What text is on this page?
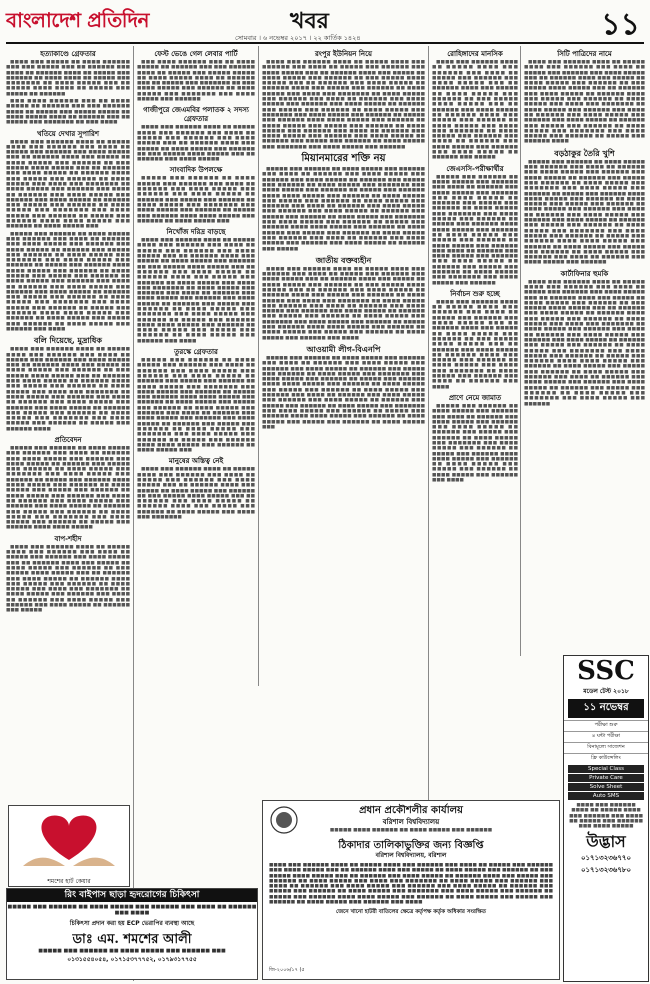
বাংলাদেশ প্রতিদিন	খবর	১১
সোমবার । ৬ নভেম্বর ২০১৭ । ২২ কার্তিক ১৪২৪
হত্যাকাণ্ডে গ্রেফতার

■■■■ ■■■ ■■■■■ ■■ ■■■■ ■■■■■■ ■■■ ■■■ ■■■■■ ■■■ ■■ ■■■■■■ ■■■ ■■■■ ■■ ■■■■■■ ■■■■ ■■ ■■■■■ ■■■ ■■■■■■ ■■ ■■■■ ■■■■ ■■ ■■■■■ ■■■ ■■■■■■■ ■■ ■■■■ ■■■■■ ■■■ ■■ ■■■■■ ■■■■ ■■■■ ■■ ■■■■■ ■■■ ■■■■■ ■■ ■■■■■■

■■■ ■■■■ ■■■■■■ ■■■ ■■ ■■■■ ■■■■■ ■■ ■■■■■■ ■■■ ■■■ ■■■■■■ ■■■■ ■■ ■■■■■ ■■■ ■■■■■ ■■■■■ ■■ ■■■■ ■■■■■ ■■■■ ■■ ■■■■■■ ■■■ ■■ ■■■■■ ■■■ ■■■■■■■ ■■ ■■■ ■■■■

খতিয়ে দেখার সুপারিশ

■■■■ ■■■ ■■■■■■ ■■■■ ■■ ■■■■■ ■■■■ ■■■ ■■■■■■ ■■■ ■■■■ ■■ ■■■■■ ■■■ ■■■■■■ ■■■ ■■■■ ■■■■■ ■■■ ■■ ■■■■■■ ■■■■ ■■■ ■■■■■ ■■ ■■■■ ■■■■■ ■■■ ■■■■■■ ■■ ■■■ ■■■■■ ■■■■ ■■■■■ ■■■ ■■ ■■■■■■ ■■■ ■■■■ ■■■■■ ■■ ■■■■■■ ■■■■ ■■■ ■■■■■ ■■■ ■■■■■■ ■■ ■■■■ ■■■■■ ■■■ ■■■■ ■■■ ■■■■■■■ ■■ ■■■■ ■■■■■ ■■■ ■■■■■■ ■■■ ■■■■ ■■ ■■■■■■ ■■■ ■■■■ ■■■■■ ■■■ ■■■■■■ ■■■ ■■■■ ■■■■■ ■■ ■■■■■■ ■■■ ■■■■■ ■■■ ■■■■■■ ■■ ■■■■ ■■■■■ ■■■ ■■■■■■■ ■■■ ■■■■ ■■■■■ ■■■ ■■■■■■ ■■ ■■■■■ ■■■ ■■■■■■ ■■■■ ■■■■ ■■■■■ ■■■ ■■■■■■ ■■ ■■■■ ■■■■■ ■■■

■■■■■ ■■■ ■■■■■■ ■■ ■■■■ ■■■■■ ■■■ ■■■■■■ ■■■ ■■■■ ■■ ■■■■■■ ■■■ ■■■■ ■■■■■ ■■■ ■■■■■■ ■■■ ■■■■ ■■■■■ ■■ ■■■■■■ ■■■ ■■■■■ ■■■ ■■■■■■ ■■ ■■■■ ■■■■■ ■■■ ■■■■■■■ ■■■ ■■■■ ■■■■■ ■■■ ■■■■■■ ■■ ■■■■■ ■■■ ■■■■■■ ■■■■ ■■■■ ■■■■■ ■■■ ■■■■■■ ■■ ■■■■ ■■■■■ ■■■ ■■■■■ ■■■ ■■■■■■ ■■ ■■■■ ■■■■■ ■■■ ■■■■■■ ■■■ ■■■■ ■■ ■■■■■■ ■■■ ■■■■ ■■■■■ ■■■ ■■■■■■ ■■■ ■■■■ ■■■■■ ■■ ■■■■■■ ■■■ ■■■■■ ■■■ ■■■■■■ ■■ ■■■■ ■■■■■ ■■■ ■■■■■■■ ■■■ ■■■■ ■■■■■ ■■■ ■■■■■■ ■■ ■■■■■ ■■■ ■■■■■■ ■■■■ ■■■■ ■■■■■ ■■■ ■■■■■■ ■■ ■■■■ ■■■■■ ■■■ ■■■■■ ■■■ ■■■■■■ ■■ ■■■■ ■■■■■ ■■■ ■■■■■■ ■■■ ■■■■

বলি দিয়েছে, মুদ্রাধিক

■■■■ ■■■ ■■■■■■ ■■■■ ■■ ■■■■■ ■■■■ ■■■ ■■■■■■ ■■■ ■■■■ ■■ ■■■■■ ■■■ ■■■■■■ ■■■ ■■■■ ■■■■■ ■■■ ■■ ■■■■■■ ■■■■ ■■■ ■■■■■ ■■ ■■■■ ■■■■■ ■■■ ■■■■■■ ■■ ■■■ ■■■■■ ■■■■ ■■■■■ ■■■ ■■ ■■■■■■ ■■■ ■■■■ ■■■■■ ■■ ■■■■■■ ■■■■ ■■■ ■■■■■ ■■■ ■■■■■■ ■■ ■■■■ ■■■■■ ■■■ ■■■■ ■■■ ■■■■■■■ ■■ ■■■■ ■■■■■ ■■■ ■■■■■■ ■■■ ■■■■ ■■ ■■■■■■ ■■■ ■■■■ ■■■■■ ■■■ ■■■■■■ ■■■ ■■■■ ■■■■■ ■■ ■■■■■■ ■■■ ■■■■■ ■■■ ■■■■■■ ■■ ■■■■ ■■■■■ ■■■ ■■■■■■■ ■■■ ■■■■ ■■■■■ ■■■ ■■■■■■ ■■ ■■■■■ ■■■ ■■■■■■ ■■■■

প্রতিবেদন

■■■■■ ■■■ ■■■■■■ ■■ ■■■■ ■■■■■ ■■■ ■■■■■■ ■■■ ■■■■ ■■ ■■■■■■ ■■■ ■■■■ ■■■■■ ■■■ ■■■■■■ ■■■ ■■■■ ■■■■■ ■■ ■■■■■■ ■■■ ■■■■■ ■■■ ■■■■■■ ■■ ■■■■ ■■■■■ ■■■ ■■■■■■■ ■■■ ■■■■ ■■■■■ ■■■ ■■■■■■ ■■ ■■■■■ ■■■ ■■■■■■ ■■■■ ■■■■ ■■■■■ ■■■ ■■■■■■ ■■ ■■■■ ■■■■■ ■■■ ■■■■■ ■■■ ■■■■■■ ■■ ■■■■ ■■■■■ ■■■ ■■■■■■ ■■■ ■■■■ ■■ ■■■■■■ ■■■ ■■■■ ■■■■■ ■■■ ■■■■■■ ■■■ ■■■■ ■■■■■ ■■ ■■■■■■ ■■■ ■■■■■ ■■■ ■■■■■■ ■■ ■■■■ ■■■■■ ■■■ ■■■■■■■ ■■■ ■■■■ ■■■■■ ■■■ ■■■■■■ ■■ ■■■■■ ■■■ ■■■■■■ ■■■■ ■■■■ ■■■■■

বাপ-শহীদ

■■■■ ■■■ ■■■■■■ ■■■■ ■■ ■■■■■ ■■■■ ■■■ ■■■■■■ ■■■ ■■■■ ■■ ■■■■■ ■■■ ■■■■■■ ■■■ ■■■■ ■■■■■ ■■■ ■■ ■■■■■■ ■■■■ ■■■ ■■■■■ ■■ ■■■■ ■■■■■ ■■■ ■■■■■■ ■■ ■■■ ■■■■■ ■■■■ ■■■■■ ■■■ ■■ ■■■■■■ ■■■ ■■■■ ■■■■■ ■■ ■■■■■■ ■■■■ ■■■ ■■■■■ ■■■ ■■■■■■ ■■ ■■■■ ■■■■■ ■■■ ■■■■ ■■■ ■■■■■■■ ■■ ■■■■ ■■■■■ ■■■ ■■■■■■ ■■■ ■■■■ ■■ ■■■■■■ ■■■ ■■■■ ■■■■■ ■■■ ■■■■■■ ■■■ ■■■■ ■■■■■ ■■ ■■■■■■ ■■■ ■■■■■

শমশের হার্ট কেয়ার
রিং বাইপাস ছাড়া হৃদরোগের চিকিৎসা
■■■■■ ■■■ ■■■■■■ ■■ ■■■■ ■■■■■ ■■■ ■■■■■■ ■■■ ■■■■ ■■ ■■■■■■ ■■■ ■■■■
চিকিৎসা প্রদান করা হয় ECP ভেরাপির ব্যবস্থা আছে
ডাঃ এম. শমশের আলী
■■■■■ ■■■ ■■■■■■ ■■ ■■■■ ■■■■■ ■■■ ■■■■■■ ■■■
০১৩১৫৫৪০৫৪, ০১৭১৫৩৭৭৭৫২, ০১৭৯৩১৭৭৫৫
ফেস্ট ভেঙে গেল লেবার পার্টি

■■■ ■■■■ ■■■■■■ ■■■ ■■ ■■■■ ■■■■■ ■■ ■■■■■■ ■■■ ■■■ ■■■■■■ ■■■■ ■■ ■■■■■ ■■■ ■■■■■ ■■■■■ ■■ ■■■■ ■■■■■ ■■■■ ■■ ■■■■■■ ■■■ ■■ ■■■■■ ■■■ ■■■■■■■ ■■ ■■■ ■■■■ ■■■■■ ■■■ ■■■■■■ ■■ ■■■■ ■■■■■ ■■■ ■■■■■■■ ■■■ ■■■■ ■■■■■ ■■■ ■■■■■■

গাজীপুরে জেএমবির পলাতক ২ সদস্য গ্রেফতার

■■■■ ■■■ ■■■■■■ ■■■■ ■■ ■■■■■ ■■■■ ■■■ ■■■■■■ ■■■ ■■■■ ■■ ■■■■■ ■■■ ■■■■■■ ■■■ ■■■■ ■■■■■ ■■■ ■■ ■■■■■■ ■■■■ ■■■ ■■■■■ ■■ ■■■■ ■■■■■ ■■■ ■■■■■■ ■■ ■■■ ■■■■■ ■■■■ ■■■■■ ■■■ ■■ ■■■■■■ ■■■ ■■■■ ■■■■■

সাংবাদিক উপলক্ষে

■■■■■ ■■■ ■■■■■■ ■■ ■■■■ ■■■■■ ■■■ ■■■■■■ ■■■ ■■■■ ■■ ■■■■■■ ■■■ ■■■■ ■■■■■ ■■■ ■■■■■■ ■■■ ■■■■ ■■■■■ ■■ ■■■■■■ ■■■ ■■■■■ ■■■ ■■■■■■ ■■ ■■■■ ■■■■■ ■■■ ■■■■■■■ ■■■ ■■■■ ■■■■■ ■■■ ■■■■■■ ■■ ■■■■■ ■■■ ■■■■■■ ■■■■ ■■■■ ■■■■■ ■■■ ■■■■■■ ■■ ■■■■ ■■■■■ ■■■

নিখোঁজ দরিদ্র বাড়ছে

■■■■ ■■■ ■■■■■■ ■■■■ ■■ ■■■■■ ■■■■ ■■■ ■■■■■■ ■■■ ■■■■ ■■ ■■■■■ ■■■ ■■■■■■ ■■■ ■■■■ ■■■■■ ■■■ ■■ ■■■■■■ ■■■■ ■■■ ■■■■■ ■■ ■■■■ ■■■■■ ■■■ ■■■■■■ ■■ ■■■ ■■■■■ ■■■■ ■■■■■ ■■■ ■■ ■■■■■■ ■■■ ■■■■ ■■■■■ ■■ ■■■■■■ ■■■■ ■■■ ■■■■■ ■■■ ■■■■■■ ■■ ■■■■ ■■■■■ ■■■ ■■■■ ■■■ ■■■■■■■ ■■ ■■■■ ■■■■■ ■■■ ■■■■■■ ■■■ ■■■■ ■■ ■■■■■■ ■■■ ■■■■ ■■■■■ ■■■ ■■■■■■ ■■■ ■■■■ ■■■■■ ■■ ■■■■■■ ■■■ ■■■■■ ■■■ ■■■■■■ ■■ ■■■■ ■■■■■ ■■■ ■■■■■■■ ■■■ ■■■■ ■■■■■ ■■■ ■■■■■■ ■■ ■■■■■ ■■■ ■■■■■■ ■■■■ ■■■■ ■■■■■ ■■■ ■■■■■■ ■■ ■■■■ ■■■■■ ■■■ ■■■■■ ■■■ ■■■■■■ ■■ ■■■■ ■■■■■ ■■■ ■■■■■■ ■■■ ■■■■

তুরস্কে গ্রেফতার

■■■■■ ■■■ ■■■■■■ ■■ ■■■■ ■■■■■ ■■■ ■■■■■■ ■■■ ■■■■ ■■ ■■■■■■ ■■■ ■■■■ ■■■■■ ■■■ ■■■■■■ ■■■ ■■■■ ■■■■■ ■■ ■■■■■■ ■■■ ■■■■■ ■■■ ■■■■■■ ■■ ■■■■ ■■■■■ ■■■ ■■■■■■■ ■■■ ■■■■ ■■■■■ ■■■ ■■■■■■ ■■ ■■■■■ ■■■ ■■■■■■ ■■■■ ■■■■ ■■■■■ ■■■ ■■■■■■ ■■ ■■■■ ■■■■■ ■■■ ■■■■■ ■■■ ■■■■■■ ■■ ■■■■ ■■■■■ ■■■ ■■■■■■ ■■■ ■■■■ ■■ ■■■■■■ ■■■ ■■■■ ■■■■■ ■■■ ■■■■■■ ■■■ ■■■■ ■■■■■ ■■ ■■■■■■ ■■■ ■■■■■ ■■■ ■■■■■■ ■■ ■■■■ ■■■■■ ■■■ ■■■■■■■ ■■■ ■■■■ ■■■■■ ■■■ ■■■■■■ ■■ ■■■■■ ■■■ ■■■■■■ ■■■■ ■■■■ ■■■■■ ■■■ ■■■■■■ ■■ ■■■■ ■■■■■ ■■■

মানুষের অস্তিত্ব নেই

■■■■ ■■■ ■■■■■■ ■■■■ ■■ ■■■■■ ■■■■ ■■■ ■■■■■■ ■■■ ■■■■ ■■ ■■■■■ ■■■ ■■■■■■ ■■■ ■■■■ ■■■■■ ■■■ ■■ ■■■■■■ ■■■■ ■■■ ■■■■■ ■■ ■■■■ ■■■■■ ■■■ ■■■■■■ ■■ ■■■ ■■■■■ ■■■■ ■■■■■ ■■■ ■■ ■■■■■■ ■■■ ■■■■ ■■■■■ ■■ ■■■■■■ ■■■■ ■■■ ■■■■■ ■■■ ■■■■■■ ■■ ■■■■ ■■■■■ ■■■ ■■■■ ■■■ ■■■■■■■

রংপুর ইউনিয়ন নিয়ে

■■■■ ■■■ ■■■■■■ ■■■■ ■■ ■■■■■ ■■■■ ■■■ ■■■■■■ ■■■ ■■■■ ■■ ■■■■■ ■■■ ■■■■■■ ■■■ ■■■■ ■■■■■ ■■■ ■■ ■■■■■■ ■■■■ ■■■ ■■■■■ ■■ ■■■■ ■■■■■ ■■■ ■■■■■■ ■■ ■■■ ■■■■■ ■■■■ ■■■■■ ■■■ ■■ ■■■■■■ ■■■ ■■■■ ■■■■■ ■■ ■■■■■■ ■■■■ ■■■ ■■■■■ ■■■ ■■■■■■ ■■ ■■■■ ■■■■■ ■■■ ■■■■ ■■■ ■■■■■■■ ■■ ■■■■ ■■■■■ ■■■ ■■■■■■ ■■■ ■■■■ ■■ ■■■■■■ ■■■ ■■■■ ■■■■■ ■■■ ■■■■■■ ■■■ ■■■■ ■■■■■ ■■ ■■■■■■ ■■■ ■■■■■ ■■■ ■■■■■■ ■■ ■■■■ ■■■■■ ■■■ ■■■■■■■ ■■■ ■■■■ ■■■■■ ■■■ ■■■■■■ ■■ ■■■■■ ■■■ ■■■■■■ ■■■■ ■■■■ ■■■■■ ■■■ ■■■■■■ ■■ ■■■■ ■■■■■ ■■■ ■■■■■ ■■■ ■■■■■■ ■■ ■■■■ ■■■■■ ■■■ ■■■■■■ ■■■ ■■■■ ■■ ■■■■■■ ■■■ ■■■■ ■■■■■ ■■■ ■■■■■■ ■■■ ■■■■ ■■■■■ ■■ ■■■■■■ ■■■ ■■■■■ ■■■ ■■■■■■ ■■ ■■■■ ■■■■■ ■■■ ■■■■■■■ ■■■ ■■■■ ■■■■■ ■■■ ■■■■■■

মিয়ানমারের শক্তি নয়

■■■■■ ■■■ ■■■■■■ ■■ ■■■■ ■■■■■ ■■■ ■■■■■■ ■■■ ■■■■ ■■ ■■■■■■ ■■■ ■■■■ ■■■■■ ■■■ ■■■■■■ ■■■ ■■■■ ■■■■■ ■■ ■■■■■■ ■■■ ■■■■■ ■■■ ■■■■■■ ■■ ■■■■ ■■■■■ ■■■ ■■■■■■■ ■■■ ■■■■ ■■■■■ ■■■ ■■■■■■ ■■ ■■■■■ ■■■ ■■■■■■ ■■■■ ■■■■ ■■■■■ ■■■ ■■■■■■ ■■ ■■■■ ■■■■■ ■■■ ■■■■■ ■■■ ■■■■■■ ■■ ■■■■ ■■■■■ ■■■ ■■■■■■ ■■■ ■■■■ ■■ ■■■■■■ ■■■ ■■■■ ■■■■■ ■■■ ■■■■■■ ■■■ ■■■■ ■■■■■ ■■ ■■■■■■ ■■■ ■■■■■ ■■■ ■■■■■■ ■■ ■■■■ ■■■■■ ■■■ ■■■■■■■ ■■■ ■■■■ ■■■■■ ■■■ ■■■■■■ ■■ ■■■■■ ■■■ ■■■■■■ ■■■■ ■■■■ ■■■■■ ■■■ ■■■■■■ ■■ ■■■■ ■■■■■ ■■■ ■■■■■ ■■■ ■■■■■■ ■■ ■■■■ ■■■■■ ■■■ ■■■■■■ ■■■ ■■■■ ■■ ■■■■■■ ■■■ ■■■■ ■■■■■ ■■■ ■■■■■■ ■■■ ■■■■ ■■■■■ ■■ ■■■■■■ ■■■ ■■■■■

জাতীয় বক্তব্যহীন

■■■■ ■■■ ■■■■■■ ■■■■ ■■ ■■■■■ ■■■■ ■■■ ■■■■■■ ■■■ ■■■■ ■■ ■■■■■ ■■■ ■■■■■■ ■■■ ■■■■ ■■■■■ ■■■ ■■ ■■■■■■ ■■■■ ■■■ ■■■■■ ■■ ■■■■ ■■■■■ ■■■ ■■■■■■ ■■ ■■■ ■■■■■ ■■■■ ■■■■■ ■■■ ■■ ■■■■■■ ■■■ ■■■■ ■■■■■ ■■ ■■■■■■ ■■■■ ■■■ ■■■■■ ■■■ ■■■■■■ ■■ ■■■■ ■■■■■ ■■■ ■■■■ ■■■ ■■■■■■■ ■■ ■■■■ ■■■■■ ■■■ ■■■■■■ ■■■ ■■■■ ■■ ■■■■■■ ■■■ ■■■■ ■■■■■ ■■■ ■■■■■■ ■■■ ■■■■ ■■■■■ ■■ ■■■■■■ ■■■ ■■■■■ ■■■ ■■■■■■ ■■ ■■■■ ■■■■■ ■■■ ■■■■■■■ ■■■ ■■■■ ■■■■■ ■■■ ■■■■■■ ■■ ■■■■■ ■■■ ■■■■■■ ■■■■ ■■■■ ■■■■■ ■■■ ■■■■■■ ■■ ■■■■ ■■■■■ ■■■ ■■■■■ ■■■ ■■■■■■ ■■ ■■■■ ■■■■■ ■■■ ■■■■■■ ■■■ ■■■■

আওয়ামী লীগ-বিএনপি

■■■■■ ■■■ ■■■■■■ ■■ ■■■■ ■■■■■ ■■■ ■■■■■■ ■■■ ■■■■ ■■ ■■■■■■ ■■■ ■■■■ ■■■■■ ■■■ ■■■■■■ ■■■ ■■■■ ■■■■■ ■■ ■■■■■■ ■■■ ■■■■■ ■■■ ■■■■■■ ■■ ■■■■ ■■■■■ ■■■ ■■■■■■■ ■■■ ■■■■ ■■■■■ ■■■ ■■■■■■ ■■ ■■■■■ ■■■ ■■■■■■ ■■■■ ■■■■ ■■■■■ ■■■ ■■■■■■ ■■ ■■■■ ■■■■■ ■■■ ■■■■■ ■■■ ■■■■■■ ■■ ■■■■ ■■■■■ ■■■ ■■■■■■ ■■■ ■■■■ ■■ ■■■■■■ ■■■ ■■■■ ■■■■■ ■■■ ■■■■■■ ■■■ ■■■■ ■■■■■ ■■ ■■■■■■ ■■■ ■■■■■ ■■■ ■■■■■■ ■■ ■■■■ ■■■■■ ■■■ ■■■■■■■ ■■■ ■■■■ ■■■■■ ■■■ ■■■■■■ ■■ ■■■■■ ■■■ ■■■■■■ ■■■■ ■■■■ ■■■■■ ■■■ ■■■■■■ ■■ ■■■■ ■■■■■ ■■■ ■■■■■ ■■■ ■■■■■■ ■■ ■■■■ ■■■■■ ■■■

রোহিঙ্গাদের মানসিক

■■■■ ■■■ ■■■■■■ ■■■■ ■■ ■■■■■ ■■■■ ■■■ ■■■■■■ ■■■ ■■■■ ■■ ■■■■■ ■■■ ■■■■■■ ■■■ ■■■■ ■■■■■ ■■■ ■■ ■■■■■■ ■■■■ ■■■ ■■■■■ ■■ ■■■■ ■■■■■ ■■■ ■■■■■■ ■■ ■■■ ■■■■■ ■■■■ ■■■■■ ■■■ ■■ ■■■■■■ ■■■ ■■■■ ■■■■■ ■■ ■■■■■■ ■■■■ ■■■ ■■■■■ ■■■ ■■■■■■ ■■ ■■■■ ■■■■■ ■■■ ■■■■ ■■■ ■■■■■■■ ■■ ■■■■ ■■■■■ ■■■ ■■■■■■ ■■■ ■■■■ ■■ ■■■■■■ ■■■ ■■■■ ■■■■■ ■■■ ■■■■■■ ■■■ ■■■■ ■■■■■ ■■ ■■■■■■ ■■■ ■■■■■

জেএসসি-পরীক্ষার্থীর

■■■■■ ■■■ ■■■■■■ ■■ ■■■■ ■■■■■ ■■■ ■■■■■■ ■■■ ■■■■ ■■ ■■■■■■ ■■■ ■■■■ ■■■■■ ■■■ ■■■■■■ ■■■ ■■■■ ■■■■■ ■■ ■■■■■■ ■■■ ■■■■■ ■■■ ■■■■■■ ■■ ■■■■ ■■■■■ ■■■ ■■■■■■■ ■■■ ■■■■ ■■■■■ ■■■ ■■■■■■ ■■ ■■■■■ ■■■ ■■■■■■ ■■■■ ■■■■ ■■■■■ ■■■ ■■■■■■ ■■ ■■■■ ■■■■■ ■■■ ■■■■■ ■■■ ■■■■■■ ■■ ■■■■ ■■■■■ ■■■ ■■■■■■ ■■■ ■■■■ ■■ ■■■■■■ ■■■ ■■■■ ■■■■■ ■■■ ■■■■■■ ■■■ ■■■■ ■■■■■ ■■ ■■■■■■ ■■■ ■■■■■ ■■■ ■■■■■■ ■■ ■■■■ ■■■■■ ■■■ ■■■■■■■ ■■■ ■■■■ ■■■■■ ■■■ ■■■■■■

নির্বাচন শুরু হচ্ছে

■■■■ ■■■ ■■■■■■ ■■■■ ■■ ■■■■■ ■■■■ ■■■ ■■■■■■ ■■■ ■■■■ ■■ ■■■■■ ■■■ ■■■■■■ ■■■ ■■■■ ■■■■■ ■■■ ■■ ■■■■■■ ■■■■ ■■■ ■■■■■ ■■ ■■■■ ■■■■■ ■■■ ■■■■■■ ■■ ■■■ ■■■■■ ■■■■ ■■■■■ ■■■ ■■ ■■■■■■ ■■■ ■■■■ ■■■■■ ■■ ■■■■■■ ■■■■ ■■■ ■■■■■ ■■■ ■■■■■■ ■■ ■■■■ ■■■■■ ■■■ ■■■■ ■■■ ■■■■■■■ ■■ ■■■■ ■■■■■ ■■■ ■■■■■■ ■■■ ■■■■ ■■ ■■■■■■ ■■■ ■■■■

প্রাণে নেমে জামাত

■■■■■ ■■■ ■■■■■■ ■■ ■■■■ ■■■■■ ■■■ ■■■■■■ ■■■ ■■■■ ■■ ■■■■■■ ■■■ ■■■■ ■■■■■ ■■■ ■■■■■■ ■■■ ■■■■ ■■■■■ ■■ ■■■■■■ ■■■ ■■■■■ ■■■ ■■■■■■ ■■ ■■■■ ■■■■■ ■■■ ■■■■■■■ ■■■ ■■■■ ■■■■■ ■■■ ■■■■■■ ■■ ■■■■■ ■■■ ■■■■■■ ■■■■ ■■■■ ■■■■■ ■■■ ■■■■■■ ■■ ■■■■ ■■■■■ ■■■ ■■■■■ ■■■ ■■■■■■ ■■ ■■■■ ■■■■■ ■■■ ■■■■■■ ■■■ ■■■■

সিটি পাত্রিদের নামে

■■■■ ■■■ ■■■■■■ ■■■■ ■■ ■■■■■ ■■■■ ■■■ ■■■■■■ ■■■ ■■■■ ■■ ■■■■■ ■■■ ■■■■■■ ■■■ ■■■■ ■■■■■ ■■■ ■■ ■■■■■■ ■■■■ ■■■ ■■■■■ ■■ ■■■■ ■■■■■ ■■■ ■■■■■■ ■■ ■■■ ■■■■■ ■■■■ ■■■■■ ■■■ ■■ ■■■■■■ ■■■ ■■■■ ■■■■■ ■■ ■■■■■■ ■■■■ ■■■ ■■■■■ ■■■ ■■■■■■ ■■ ■■■■ ■■■■■ ■■■ ■■■■ ■■■ ■■■■■■■ ■■ ■■■■ ■■■■■ ■■■ ■■■■■■ ■■■ ■■■■ ■■ ■■■■■■ ■■■ ■■■■ ■■■■■ ■■■ ■■■■■■ ■■■ ■■■■ ■■■■■ ■■ ■■■■■■ ■■■ ■■■■■ ■■■ ■■■■■■ ■■ ■■■■ ■■■■■ ■■■ ■■■■■■■ ■■■ ■■■■ ■■■■■ ■■■ ■■■■■■ ■■ ■■■■■ ■■■ ■■■■■■ ■■■■

বড়ঠাকুর তৈরি খুশি

■■■■■ ■■■ ■■■■■■ ■■ ■■■■ ■■■■■ ■■■ ■■■■■■ ■■■ ■■■■ ■■ ■■■■■■ ■■■ ■■■■ ■■■■■ ■■■ ■■■■■■ ■■■ ■■■■ ■■■■■ ■■ ■■■■■■ ■■■ ■■■■■ ■■■ ■■■■■■ ■■ ■■■■ ■■■■■ ■■■ ■■■■■■■ ■■■ ■■■■ ■■■■■ ■■■ ■■■■■■ ■■ ■■■■■ ■■■ ■■■■■■ ■■■■ ■■■■ ■■■■■ ■■■ ■■■■■■ ■■ ■■■■ ■■■■■ ■■■ ■■■■■ ■■■ ■■■■■■ ■■ ■■■■ ■■■■■ ■■■ ■■■■■■ ■■■ ■■■■ ■■ ■■■■■■ ■■■ ■■■■ ■■■■■ ■■■ ■■■■■■ ■■■ ■■■■ ■■■■■ ■■ ■■■■■■ ■■■ ■■■■■ ■■■ ■■■■■■ ■■ ■■■■ ■■■■■ ■■■ ■■■■■■■ ■■■ ■■■■ ■■■■■ ■■■ ■■■■■■ ■■ ■■■■■ ■■■ ■■■■■■ ■■■■ ■■■■ ■■■■■ ■■■ ■■■■■■ ■■ ■■■■ ■■■■■ ■■■ ■■■■■ ■■■ ■■■■■■ ■■ ■■■■ ■■■■■ ■■■ ■■■■■■ ■■■ ■■■■ ■■ ■■■■■■ ■■■ ■■■■ ■■■■■ ■■■ ■■■■■■

কার্টাফিনার হুমকি

■■■■ ■■■ ■■■■■■ ■■■■ ■■ ■■■■■ ■■■■ ■■■ ■■■■■■ ■■■ ■■■■ ■■ ■■■■■ ■■■ ■■■■■■ ■■■ ■■■■ ■■■■■ ■■■ ■■ ■■■■■■ ■■■■ ■■■ ■■■■■ ■■ ■■■■ ■■■■■ ■■■ ■■■■■■ ■■ ■■■ ■■■■■ ■■■■ ■■■■■ ■■■ ■■ ■■■■■■ ■■■ ■■■■ ■■■■■ ■■ ■■■■■■ ■■■■ ■■■ ■■■■■ ■■■ ■■■■■■ ■■ ■■■■ ■■■■■ ■■■ ■■■■ ■■■ ■■■■■■■ ■■ ■■■■ ■■■■■ ■■■ ■■■■■■ ■■■ ■■■■ ■■ ■■■■■■ ■■■ ■■■■ ■■■■■ ■■■ ■■■■■■ ■■■ ■■■■ ■■■■■ ■■ ■■■■■■ ■■■ ■■■■■ ■■■ ■■■■■■ ■■ ■■■■ ■■■■■ ■■■ ■■■■■■■ ■■■ ■■■■ ■■■■■ ■■■ ■■■■■■ ■■ ■■■■■ ■■■ ■■■■■■ ■■■■ ■■■■ ■■■■■ ■■■ ■■■■■■ ■■ ■■■■ ■■■■■ ■■■ ■■■■■ ■■■ ■■■■■■ ■■ ■■■■ ■■■■■ ■■■ ■■■■■■ ■■■ ■■■■ ■■ ■■■■■■ ■■■ ■■■■ ■■■■■ ■■■ ■■■■■■ ■■■ ■■■■ ■■■■■ ■■ ■■■■■■ ■■■ ■■■■■ ■■■ ■■■■■■ ■■ ■■■■ ■■■■■ ■■■ ■■■■■■■ ■■■ ■■■■ ■■■■■ ■■■ ■■■■■■

প্রধান প্রকৌশলীর কার্যালয়
বরিশাল বিশ্ববিদ্যালয়
■■■■■ ■■■■ ■■■■■■ ■■ ■■■■ ■■■■■ ■■■ ■■■■■■
ঠিকাদার তালিকাভুক্তির জন্য বিজ্ঞপ্তি
বরিশাল বিশ্ববিদ্যালয়, বরিশাল
■■■■ ■■■ ■■■■■■ ■■■■ ■■ ■■■■■ ■■■■ ■■■ ■■■■■■ ■■■ ■■■■ ■■ ■■■■■ ■■■ ■■■■■■ ■■■ ■■■■ ■■■■■ ■■■ ■■ ■■■■■■ ■■■■ ■■■ ■■■■■ ■■ ■■■■ ■■■■■ ■■■ ■■■■■■ ■■ ■■■ ■■■■■ ■■■■ ■■■■■ ■■■ ■■ ■■■■■■ ■■■ ■■■■ ■■■■■ ■■ ■■■■■■ ■■■■ ■■■ ■■■■■ ■■■ ■■■■■■ ■■ ■■■■ ■■■■■ ■■■ ■■■■ ■■■ ■■■■■■■ ■■ ■■■■ ■■■■■ ■■■ ■■■■■■ ■■■ ■■■■ ■■ ■■■■■■ ■■■ ■■■■ ■■■■■ ■■■ ■■■■■■ ■■■ ■■■■ ■■■■■ ■■ ■■■■■■ ■■■ ■■■■■ ■■■ ■■■■■■ ■■ ■■■■ ■■■■■ ■■■ ■■■■■■■ ■■■ ■■■■ ■■■■■ ■■■ ■■■■■■ ■■ ■■■■■ ■■■ ■■■■■■ ■■■■ ■■■■ ■■■■■ ■■■ ■■■■■■ ■■ ■■■■ ■■■■■ ■■■ ■■■■■ ■■■ ■■■■■■ ■■ ■■■■ ■■■■■ ■■■ ■■■■■■ ■■■ ■■■■
জেনে খানো হাটরী বাতিলের ক্ষেত্রে কর্তৃপক্ষ কর্তৃক অধিকার সংরক্ষিত
জি-২০০৬/১৭ (৫
SSC
মডেল টেস্ট ২০১৮
১১ নভেম্বর
পরীক্ষা শুরু
৪ ঘন্টা পরীক্ষা
বিনামূল্যে সাজেশন
ফ্রি কাউন্সেলিং
Special Class
Private Care
Solve Sheet
Auto SMS
■■■■ ■■■ ■■■■■■ ■■■■ ■■ ■■■■■ ■■■■ ■■■ ■■■■■■ ■■■ ■■■■ ■■ ■■■■■ ■■■ ■■■■■■ ■■■ ■■■■ ■■■■■
উদ্ভাস
০১৭১৩২৩৬৭৭০
০১৭১৩২৩৬৭৮০
